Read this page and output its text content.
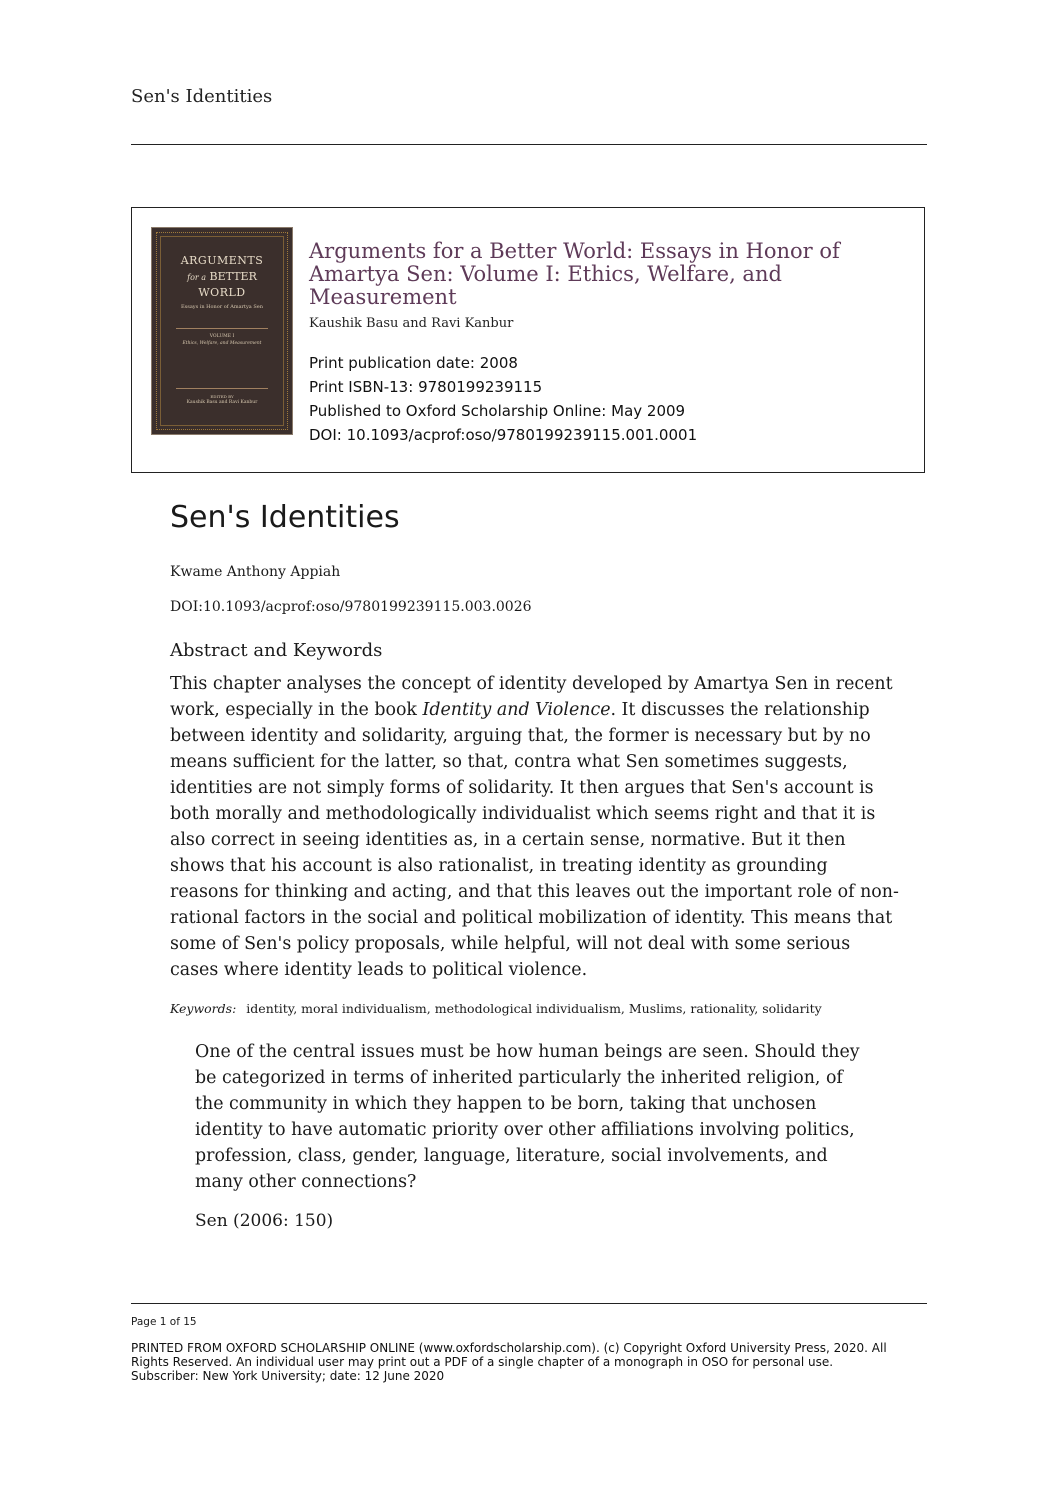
Sen's Identities
ARGUMENTS
for a BETTER
WORLD
Essays in Honor of Amartya Sen
VOLUME I
Ethics, Welfare, and Measurement
EDITED BY
Kaushik Basu and Ravi Kanbur
Arguments for a Better World: Essays in Honor of Amartya Sen: Volume I: Ethics, Welfare, and Measurement
Kaushik Basu and Ravi Kanbur
Print publication date: 2008
Print ISBN-13: 9780199239115
Published to Oxford Scholarship Online: May 2009
DOI: 10.1093/acprof:oso/9780199239115.001.0001
Sen's Identities
Kwame Anthony Appiah
DOI:10.1093/acprof:oso/9780199239115.003.0026
Abstract and Keywords
This chapter analyses the concept of identity developed by Amartya Sen in recent work, especially in the book Identity and Violence. It discusses the relationship between identity and solidarity, arguing that, the former is necessary but by no means sufficient for the latter, so that, contra what Sen sometimes suggests, identities are not simply forms of solidarity. It then argues that Sen's account is both morally and methodologically individualist which seems right and that it is also correct in seeing identities as, in a certain sense, normative. But it then shows that his account is also rationalist, in treating identity as grounding reasons for thinking and acting, and that this leaves out the important role of non-rational factors in the social and political mobilization of identity. This means that some of Sen's policy proposals, while helpful, will not deal with some serious cases where identity leads to political violence.
Keywords: identity, moral individualism, methodological individualism, Muslims, rationality, solidarity
One of the central issues must be how human beings are seen. Should they be categorized in terms of inherited particularly the inherited religion, of the community in which they happen to be born, taking that unchosen identity to have automatic priority over other affiliations involving politics, profession, class, gender, language, literature, social involvements, and many other connections?
Sen (2006: 150)
Page 1 of 15
PRINTED FROM OXFORD SCHOLARSHIP ONLINE (www.oxfordscholarship.com). (c) Copyright Oxford University Press, 2020. All Rights Reserved. An individual user may print out a PDF of a single chapter of a monograph in OSO for personal use.
Subscriber: New York University; date: 12 June 2020
